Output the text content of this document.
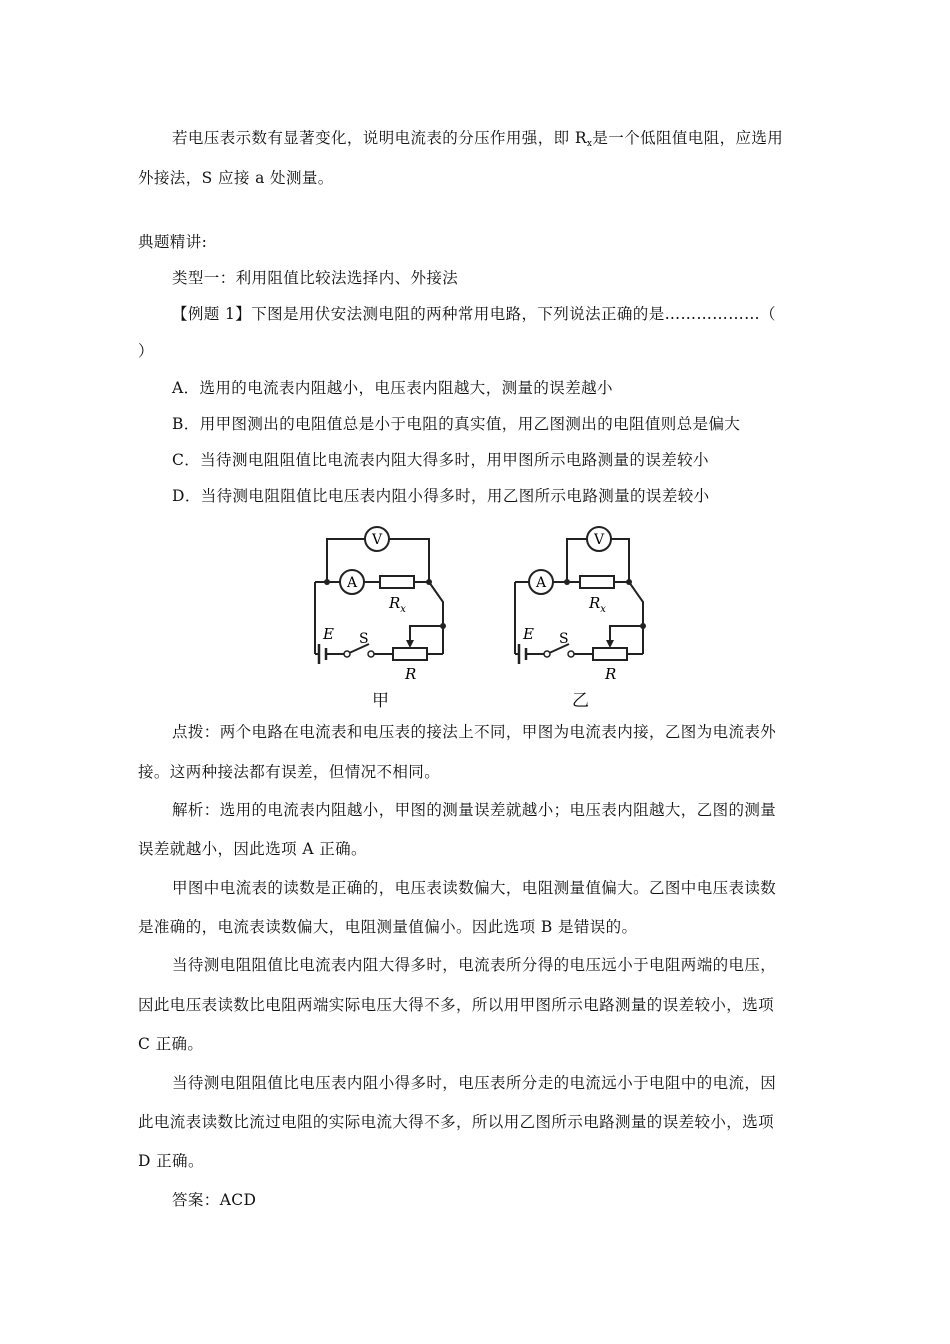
若电压表示数有显著变化，说明电流表的分压作用强，即 $R_x$是一个低阻值电阻，应选用
外接法，S 应接 a 处测量。
典题精讲:
类型一：利用阻值比较法选择内、外接法
【例题 1】下图是用伏安法测电阻的两种常用电路，下列说法正确的是………………（
）
A．选用的电流表内阻越小，电压表内阻越大，测量的误差越小
B．用甲图测出的电阻值总是小于电阻的真实值，用乙图测出的电阻值则总是偏大
C．当待测电阻阻值比电流表内阻大得多时，用甲图所示电路测量的误差较小
D．当待测电阻阻值比电压表内阻小得多时，用乙图所示电路测量的误差较小
V
A
$R_x$
E S
R
甲
V
A
$R_x$
E S
R
乙
点拨：两个电路在电流表和电压表的接法上不同，甲图为电流表内接，乙图为电流表外
接。这两种接法都有误差，但情况不相同。
解析：选用的电流表内阻越小，甲图的测量误差就越小；电压表内阻越大，乙图的测量
误差就越小，因此选项 A 正确。
甲图中电流表的读数是正确的，电压表读数偏大，电阻测量值偏大。乙图中电压表读数
是准确的，电流表读数偏大，电阻测量值偏小。因此选项 B 是错误的。
当待测电阻阻值比电流表内阻大得多时，电流表所分得的电压远小于电阻两端的电压，
因此电压表读数比电阻两端实际电压大得不多，所以用甲图所示电路测量的误差较小，选项
C 正确。
当待测电阻阻值比电压表内阻小得多时，电压表所分走的电流远小于电阻中的电流，因
此电流表读数比流过电阻的实际电流大得不多，所以用乙图所示电路测量的误差较小，选项
D 正确。
答案：ACD
